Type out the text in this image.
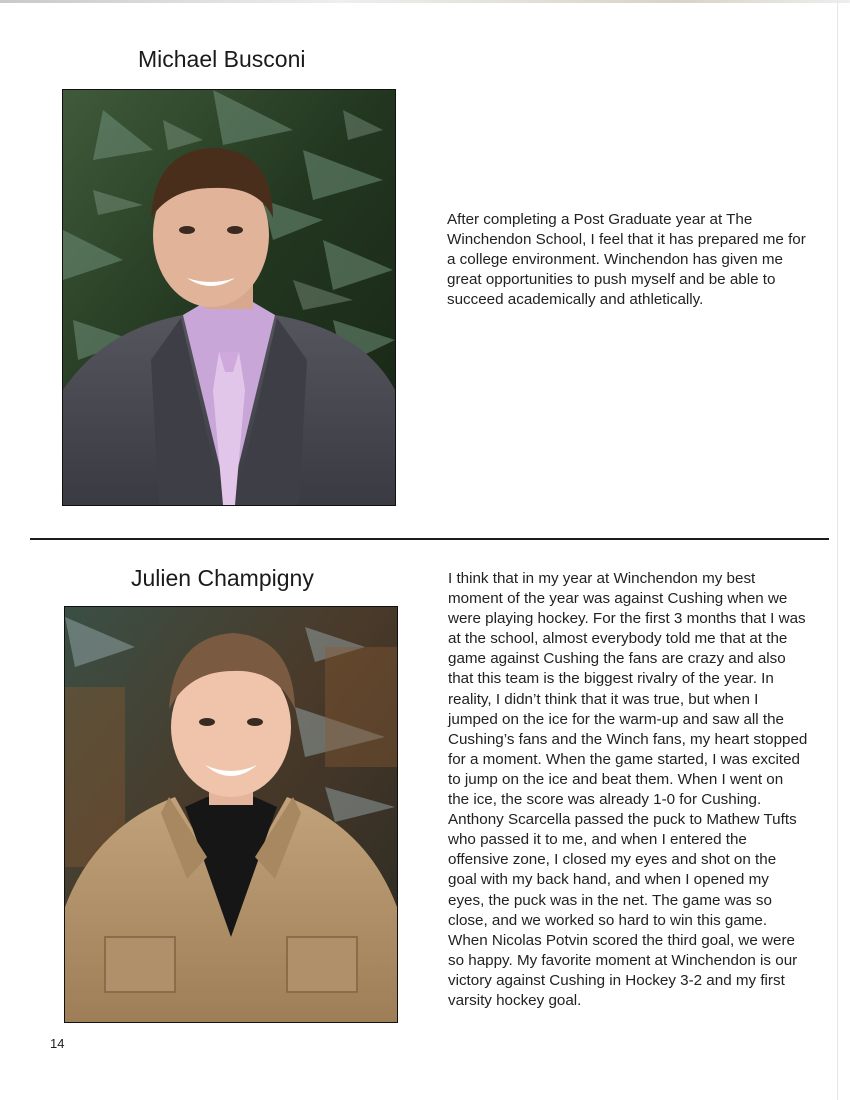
Michael Busconi
After completing a Post Graduate year at The Winchendon School, I feel that it has prepared me for a college environment. Winchendon has given me great opportunities to push myself and be able to succeed academically and athletically.
Julien Champigny	I think that in my year at Winchendon my best moment of the year was against Cushing when we were playing hockey. For the first 3 months that I was at the school, almost everybody told me that at the game against Cushing the fans are crazy and also that this team is the biggest rivalry of the year. In reality, I didn’t think that it was true, but when I jumped on the ice for the warm-up and saw all the Cushing’s fans and the Winch fans, my heart stopped for a moment. When the game started, I was excited to jump on the ice and beat them. When I went on the ice, the score was already 1-0 for Cushing. Anthony Scarcella passed the puck to Mathew Tufts who passed it to me, and when I entered the offensive zone, I closed my eyes and shot on the goal with my back hand, and when I opened my eyes, the puck was in the net. The game was so close, and we worked so hard to win this game. When Nicolas Potvin scored the third goal, we were so happy. My favorite moment at Winchendon is our victory against Cushing in Hockey 3-2 and my first varsity hockey goal.
14
